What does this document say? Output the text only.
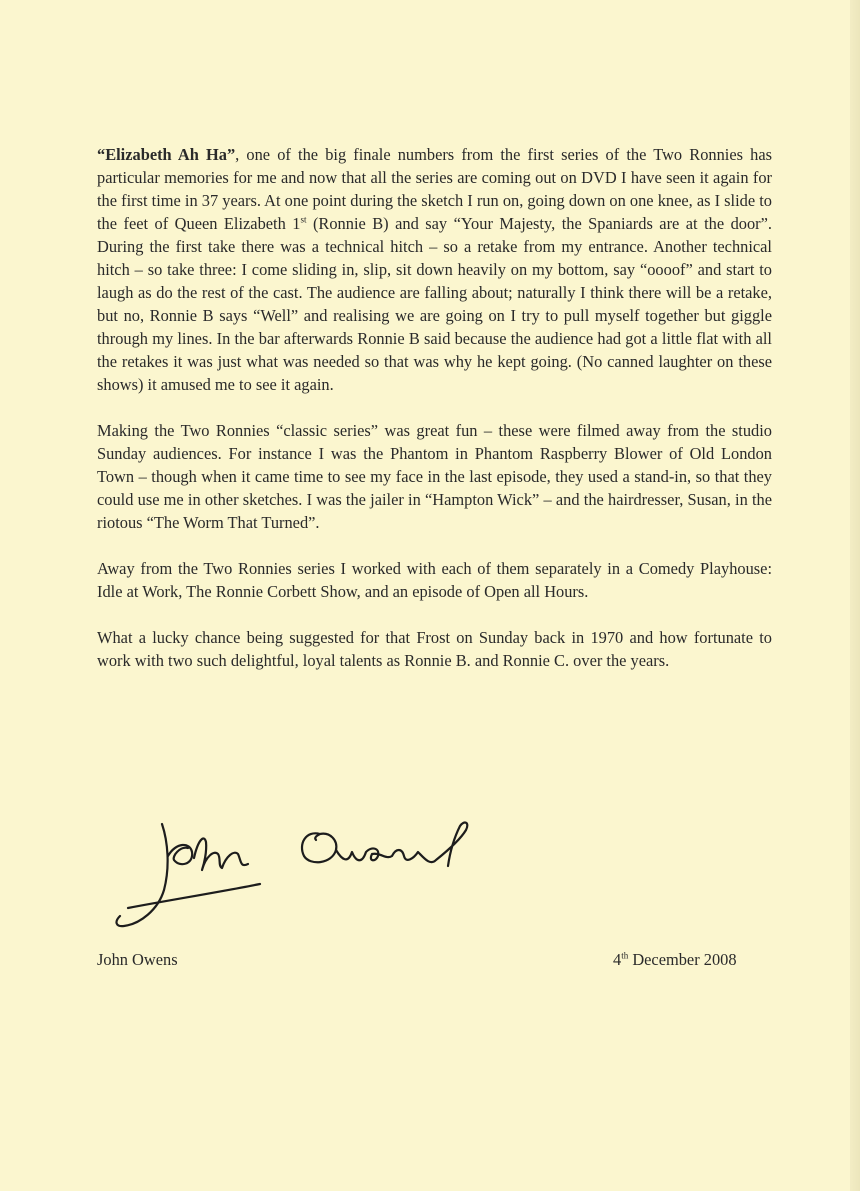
“Elizabeth Ah Ha”, one of the big finale numbers from the first series of the Two Ronnies has particular memories for me and now that all the series are coming out on DVD I have seen it again for the first time in 37 years. At one point during the sketch I run on, going down on one knee, as I slide to the feet of Queen Elizabeth 1st (Ronnie B) and say “Your Majesty, the Spaniards are at the door”. During the first take there was a technical hitch – so a retake from my entrance. Another technical hitch – so take three: I come sliding in, slip, sit down heavily on my bottom, say “oooof” and start to laugh as do the rest of the cast. The audience are falling about; naturally I think there will be a retake, but no, Ronnie B says “Well” and realising we are going on I try to pull myself together but giggle through my lines. In the bar afterwards Ronnie B said because the audience had got a little flat with all the retakes it was just what was needed so that was why he kept going. (No canned laughter on these shows) it amused me to see it again.

Making the Two Ronnies “classic series” was great fun – these were filmed away from the studio Sunday audiences. For instance I was the Phantom in Phantom Raspberry Blower of Old London Town – though when it came time to see my face in the last episode, they used a stand-in, so that they could use me in other sketches. I was the jailer in “Hampton Wick” – and the hairdresser, Susan, in the riotous “The Worm That Turned”.

Away from the Two Ronnies series I worked with each of them separately in a Comedy Playhouse: Idle at Work, The Ronnie Corbett Show, and an episode of Open all Hours.

What a lucky chance being suggested for that Frost on Sunday back in 1970 and how fortunate to work with two such delightful, loyal talents as Ronnie B. and Ronnie C. over the years.

John Owens	4th December 2008
